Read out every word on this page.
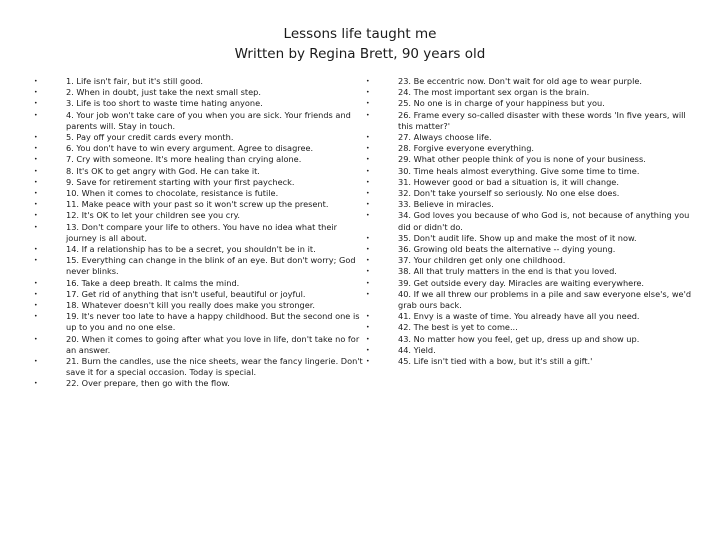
Lessons life taught me
Written by Regina Brett, 90 years old
•	1. Life isn't fair, but it's still good.
•	2. When in doubt, just take the next small step.
•	3. Life is too short to waste time hating anyone.
•	4. Your job won't take care of you when you are sick. Your friends and parents will. Stay in touch.
•	5. Pay off your credit cards every month.
•	6. You don't have to win every argument. Agree to disagree.
•	7. Cry with someone. It's more healing than crying alone.
•	8. It's OK to get angry with God. He can take it.
•	9. Save for retirement starting with your first paycheck.
•	10. When it comes to chocolate, resistance is futile.
•	11. Make peace with your past so it won't screw up the present.
•	12. It's OK to let your children see you cry.
•	13. Don't compare your life to others. You have no idea what their journey is all about.
•	14. If a relationship has to be a secret, you shouldn't be in it.
•	15. Everything can change in the blink of an eye. But don't worry; God never blinks.
•	16. Take a deep breath. It calms the mind.
•	17. Get rid of anything that isn't useful, beautiful or joyful.
•	18. Whatever doesn't kill you really does make you stronger.
•	19. It's never too late to have a happy childhood. But the second one is up to you and no one else.
•	20. When it comes to going after what you love in life, don't take no for an answer.
•	21. Burn the candles, use the nice sheets, wear the fancy lingerie. Don't save it for a special occasion. Today is special.
•	22. Over prepare, then go with the flow.
•	23. Be eccentric now. Don't wait for old age to wear purple.
•	24. The most important sex organ is the brain.
•	25. No one is in charge of your happiness but you.
•	26. Frame every so-called disaster with these words 'In five years, will this matter?'
•	27. Always choose life.
•	28. Forgive everyone everything.
•	29. What other people think of you is none of your business.
•	30. Time heals almost everything. Give some time to time.
•	31. However good or bad a situation is, it will change.
•	32. Don't take yourself so seriously. No one else does.
•	33. Believe in miracles.
•	34. God loves you because of who God is, not because of anything you did or didn't do.
•	35. Don't audit life. Show up and make the most of it now.
•	36. Growing old beats the alternative -- dying young.
•	37. Your children get only one childhood.
•	38. All that truly matters in the end is that you loved.
•	39. Get outside every day. Miracles are waiting everywhere.
•	40. If we all threw our problems in a pile and saw everyone else's, we'd grab ours back.
•	41. Envy is a waste of time. You already have all you need.
•	42. The best is yet to come...
•	43. No matter how you feel, get up, dress up and show up.
•	44. Yield.
•	45. Life isn't tied with a bow, but it's still a gift.'
